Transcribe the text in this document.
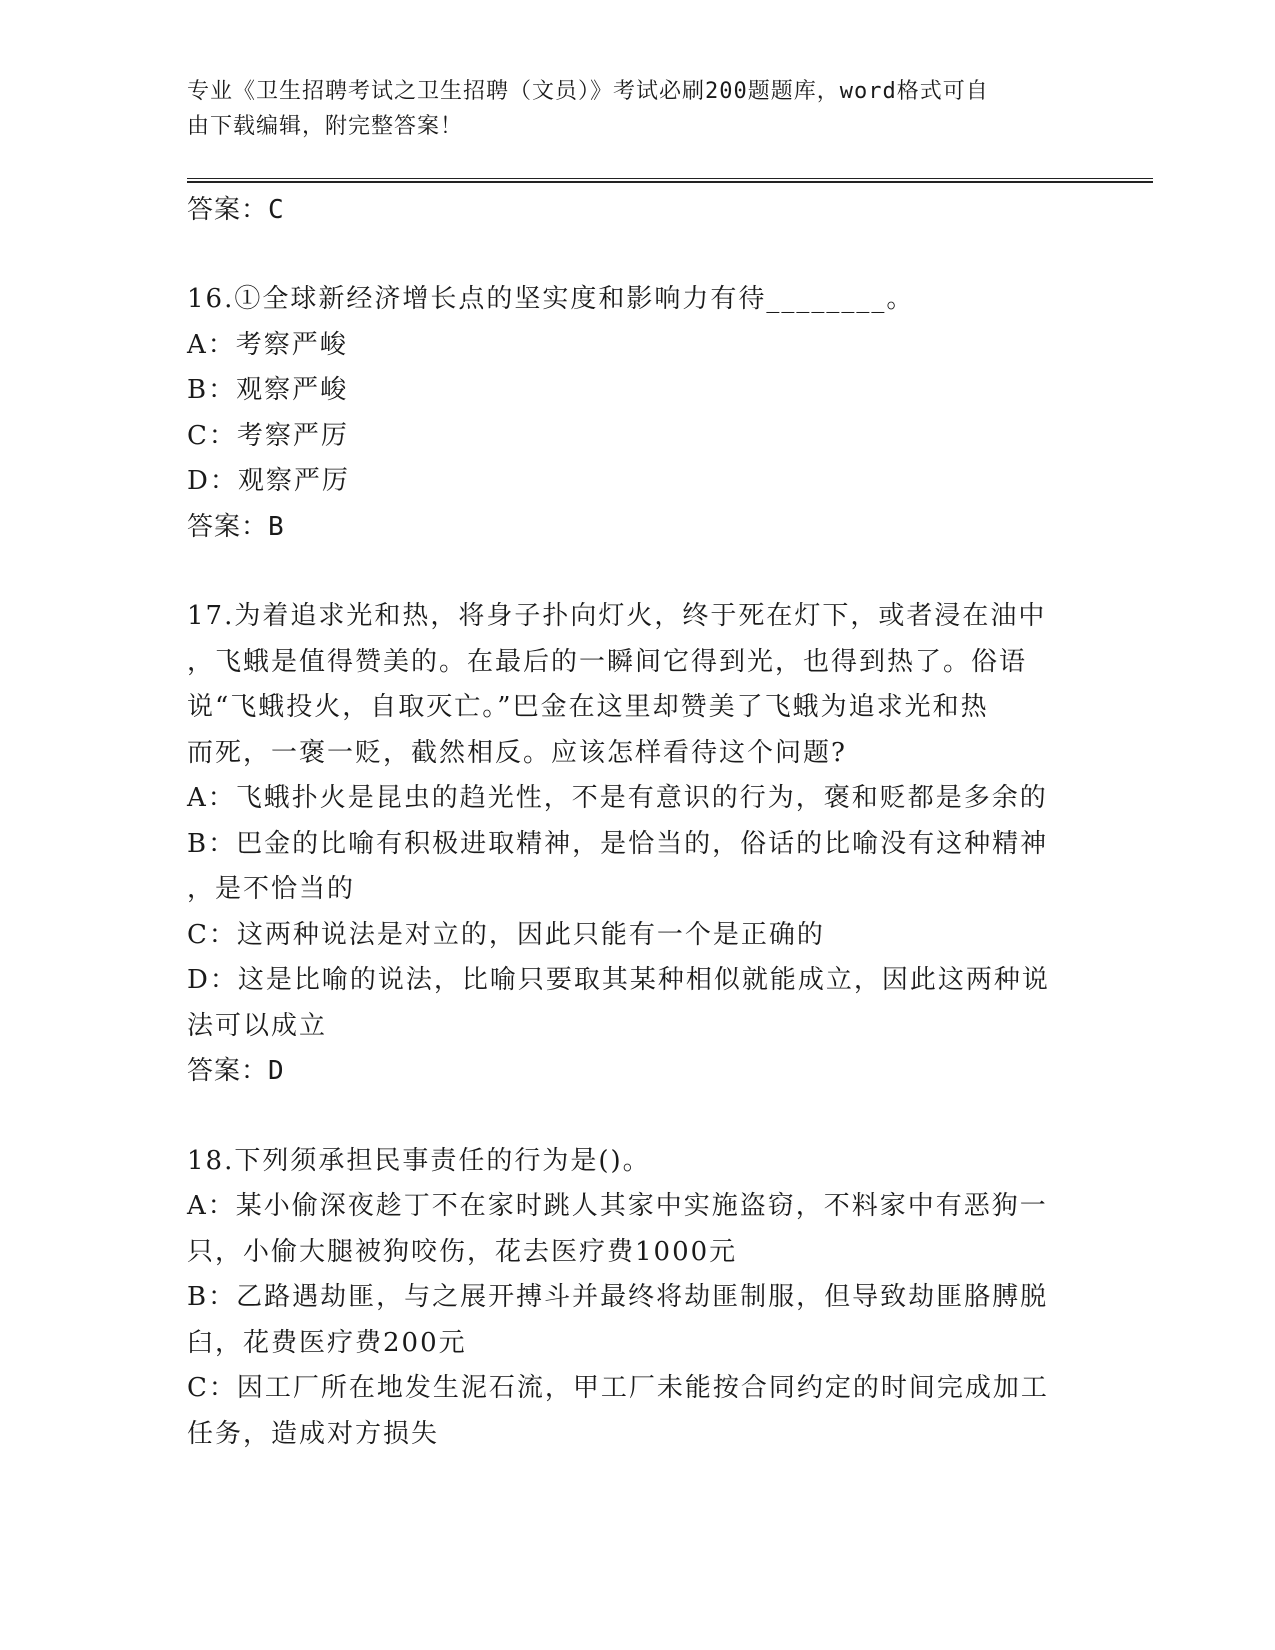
专业《卫生招聘考试之卫生招聘（文员）》考试必刷200题题库，word格式可自
由下载编辑，附完整答案！
答案：C
16.①全球新经济增长点的坚实度和影响力有待________。
A：考察严峻
B：观察严峻
C：考察严厉
D：观察严厉
答案：B
17.为着追求光和热，将身子扑向灯火，终于死在灯下，或者浸在油中
，飞蛾是值得赞美的。在最后的一瞬间它得到光，也得到热了。俗语
说“飞蛾投火，自取灭亡。”巴金在这里却赞美了飞蛾为追求光和热
而死，一褒一贬，截然相反。应该怎样看待这个问题?
A：飞蛾扑火是昆虫的趋光性，不是有意识的行为，褒和贬都是多余的
B：巴金的比喻有积极进取精神，是恰当的，俗话的比喻没有这种精神
，是不恰当的
C：这两种说法是对立的，因此只能有一个是正确的
D：这是比喻的说法，比喻只要取其某种相似就能成立，因此这两种说
法可以成立
答案：D
18.下列须承担民事责任的行为是()。
A：某小偷深夜趁丁不在家时跳人其家中实施盗窃，不料家中有恶狗一
只，小偷大腿被狗咬伤，花去医疗费1000元
B：乙路遇劫匪，与之展开搏斗并最终将劫匪制服，但导致劫匪胳膊脱
臼，花费医疗费200元
C：因工厂所在地发生泥石流，甲工厂未能按合同约定的时间完成加工
任务，造成对方损失
